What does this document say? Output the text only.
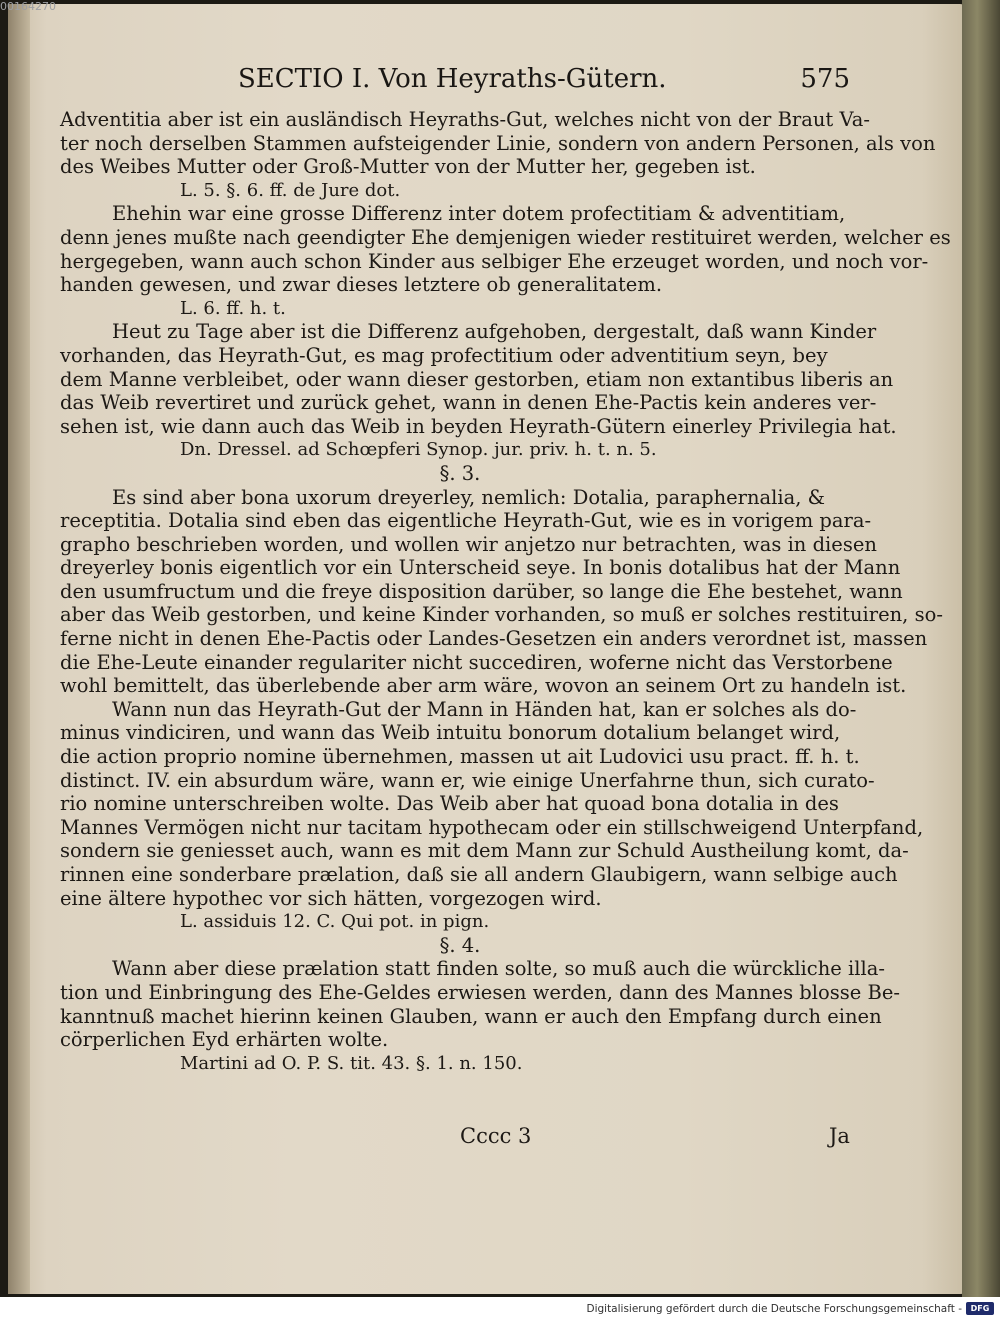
00164270
SECTIO I. Von Heyraths-Gütern.	575
Adventitia aber ist ein ausländisch Heyraths-Gut, welches nicht von der Braut Va-
ter noch derselben Stammen aufsteigender Linie, sondern von andern Personen, als von
des Weibes Mutter oder Groß-Mutter von der Mutter her, gegeben ist.
L. 5. §. 6. ff. de Jure dot.
Ehehin war eine grosse Differenz inter dotem profectitiam & adventitiam,
denn jenes mußte nach geendigter Ehe demjenigen wieder restituiret werden, welcher es
hergegeben, wann auch schon Kinder aus selbiger Ehe erzeuget worden, und noch vor-
handen gewesen, und zwar dieses letztere ob generalitatem.
L. 6. ff. h. t.
Heut zu Tage aber ist die Differenz aufgehoben, dergestalt, daß wann Kinder
vorhanden, das Heyrath-Gut, es mag profectitium oder adventitium seyn, bey
dem Manne verbleibet, oder wann dieser gestorben, etiam non extantibus liberis an
das Weib revertiret und zurück gehet, wann in denen Ehe-Pactis kein anderes ver-
sehen ist, wie dann auch das Weib in beyden Heyrath-Gütern einerley Privilegia hat.
Dn. Dressel. ad Schœpferi Synop. jur. priv. h. t. n. 5.
§. 3.
Es sind aber bona uxorum dreyerley, nemlich: Dotalia, paraphernalia, &
receptitia. Dotalia sind eben das eigentliche Heyrath-Gut, wie es in vorigem para-
grapho beschrieben worden, und wollen wir anjetzo nur betrachten, was in diesen
dreyerley bonis eigentlich vor ein Unterscheid seye. In bonis dotalibus hat der Mann
den usumfructum und die freye disposition darüber, so lange die Ehe bestehet, wann
aber das Weib gestorben, und keine Kinder vorhanden, so muß er solches restituiren, so-
ferne nicht in denen Ehe-Pactis oder Landes-Gesetzen ein anders verordnet ist, massen
die Ehe-Leute einander regulariter nicht succediren, woferne nicht das Verstorbene
wohl bemittelt, das überlebende aber arm wäre, wovon an seinem Ort zu handeln ist.
Wann nun das Heyrath-Gut der Mann in Händen hat, kan er solches als do-
minus vindiciren, und wann das Weib intuitu bonorum dotalium belanget wird,
die action proprio nomine übernehmen, massen ut ait Ludovici usu pract. ff. h. t.
distinct. IV. ein absurdum wäre, wann er, wie einige Unerfahrne thun, sich curato-
rio nomine unterschreiben wolte. Das Weib aber hat quoad bona dotalia in des
Mannes Vermögen nicht nur tacitam hypothecam oder ein stillschweigend Unterpfand,
sondern sie geniesset auch, wann es mit dem Mann zur Schuld Austheilung komt, da-
rinnen eine sonderbare prælation, daß sie all andern Glaubigern, wann selbige auch
eine ältere hypothec vor sich hätten, vorgezogen wird.
L. assiduis 12. C. Qui pot. in pign.
§. 4.
Wann aber diese prælation statt finden solte, so muß auch die würckliche illa-
tion und Einbringung des Ehe-Geldes erwiesen werden, dann des Mannes blosse Be-
kanntnuß machet hierinn keinen Glauben, wann er auch den Empfang durch einen
cörperlichen Eyd erhärten wolte.
Martini ad O. P. S. tit. 43. §. 1. n. 150.
Cccc 3	Ja
Digitalisierung gefördert durch die Deutsche Forschungsgemeinschaft -	DFG
